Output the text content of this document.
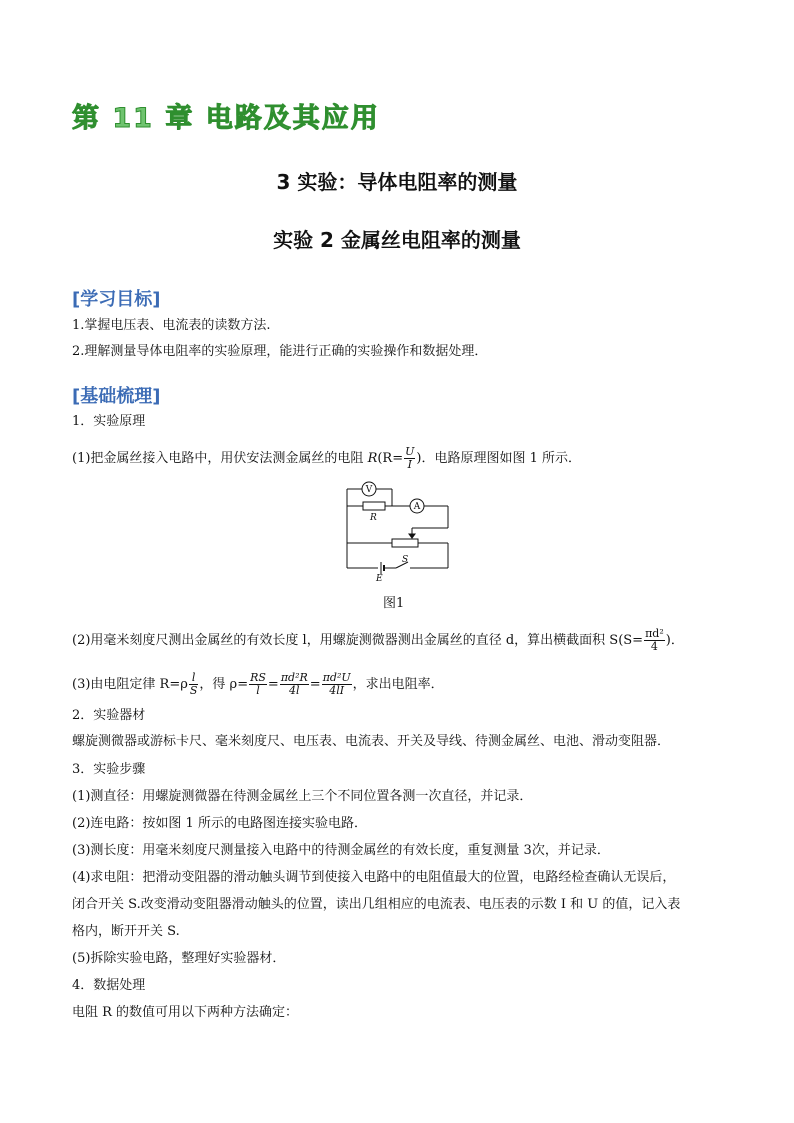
第 11 章 电路及其应用
3 实验：导体电阻率的测量
实验 2 金属丝电阻率的测量
[学习目标]
1.掌握电压表、电流表的读数方法.
2.理解测量导体电阻率的实验原理，能进行正确的实验操作和数据处理．
[基础梳理]
1．实验原理
(1)把金属丝接入电路中，用伏安法测金属丝的电阻 $R(R= \frac{U}{I}$ )．电路原理图如图 1 所示．
V
A
R
E
S
图1
(2)用毫米刻度尺测出金属丝的有效长度 l，用螺旋测微器测出金属丝的直径 d，算出横截面积 $S(S= \frac{\text{πd²}}{4}$ )．
(3)由电阻定律 $R=\rho \frac{l}{S}$ ，得 $\rho= \frac{RS}{l} = \frac{\text{πd²R}}{4l} = \frac{\text{πd²U}}{4lI}$ ，求出电阻率．
2．实验器材
螺旋测微器或游标卡尺、毫米刻度尺、电压表、电流表、开关及导线、待测金属丝、电池、滑动变阻器．
3．实验步骤
(1)测直径：用螺旋测微器在待测金属丝上三个不同位置各测一次直径，并记录．
(2)连电路：按如图 1 所示的电路图连接实验电路．
(3)测长度：用毫米刻度尺测量接入电路中的待测金属丝的有效长度，重复测量 3次，并记录．
(4)求电阻：把滑动变阻器的滑动触头调节到使接入电路中的电阻值最大的位置，电路经检查确认无误后，
闭合开关 S.改变滑动变阻器滑动触头的位置，读出几组相应的电流表、电压表的示数 I 和 U 的值，记入表
格内，断开开关 S.
(5)拆除实验电路，整理好实验器材．
4．数据处理
电阻 R 的数值可用以下两种方法确定：
